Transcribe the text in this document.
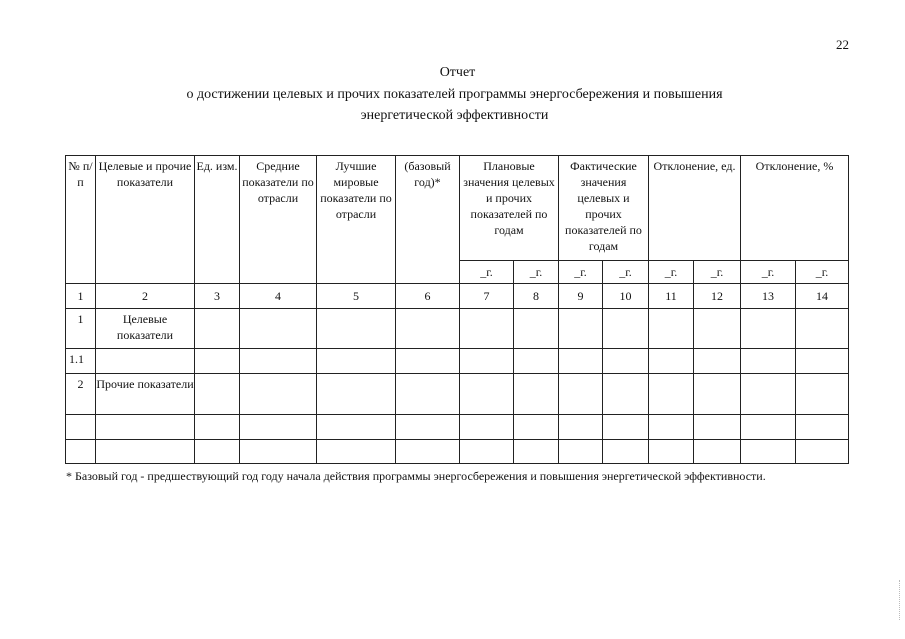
22
Отчет
о достижении целевых и прочих показателей программы энергосбережения и повышения
энергетической эффективности
№ п/п	Целевые и прочие показатели	Ед. изм.	Средние показатели по отрасли	Лучшие мировые показатели по отрасли	(базовый год)*	Плановые значения целевых и прочих показателей по годам		Фактические значения целевых и прочих показателей по годам		Отклонение, ед.		Отклонение, %	
						_г.	_г.	_г.	_г.	_г.	_г.	_г.	_г.
1	2	3	4	5	6	7	8	9	10	11	12	13	14
1	Целевые показатели												
1.1													
2	Прочие показатели												

* Базовый год - предшествующий год году начала действия программы энергосбережения и повышения энергетической эффективности.
